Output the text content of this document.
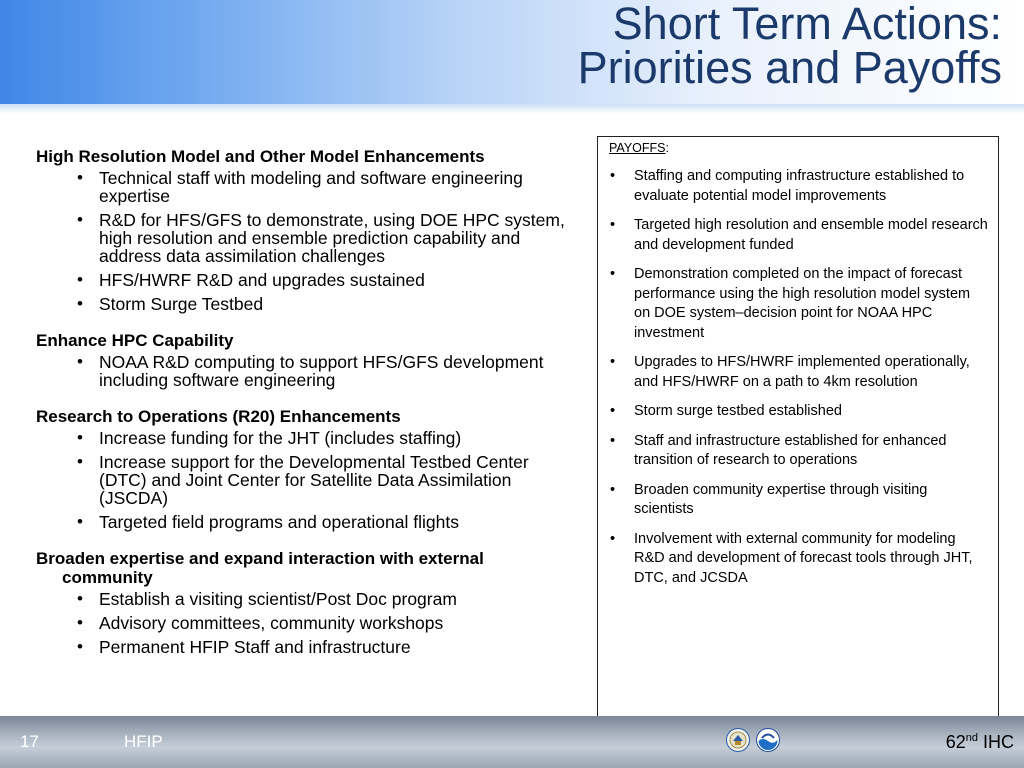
Short Term Actions:
Priorities and Payoffs
High Resolution Model and Other Model Enhancements
• Technical staff with modeling and software engineering expertise
• R&D for HFS/GFS to demonstrate, using DOE HPC system, high resolution and ensemble prediction capability and address data assimilation challenges
• HFS/HWRF R&D and upgrades sustained
• Storm Surge Testbed
Enhance HPC Capability
• NOAA R&D computing to support HFS/GFS development including software engineering
Research to Operations (R20) Enhancements
• Increase funding for the JHT (includes staffing)
• Increase support for the Developmental Testbed Center (DTC) and Joint Center for Satellite Data Assimilation (JSCDA)
• Targeted field programs and operational flights
Broaden expertise and expand interaction with external community
• Establish a visiting scientist/Post Doc program
• Advisory committees, community workshops
• Permanent HFIP Staff and infrastructure
PAYOFFS:
• Staffing and computing infrastructure established to evaluate potential model improvements
• Targeted high resolution and ensemble model research and development funded
• Demonstration completed on the impact of forecast performance using the high resolution model system on DOE system–decision point for NOAA HPC investment
• Upgrades to HFS/HWRF implemented operationally, and HFS/HWRF on a path to 4km resolution
• Storm surge testbed established
• Staff and infrastructure established for enhanced transition of research to operations
• Broaden community expertise through visiting scientists
• Involvement with external community for modeling R&D and development of forecast tools through JHT, DTC, and JCSDA
17	HFIP	62nd IHC
